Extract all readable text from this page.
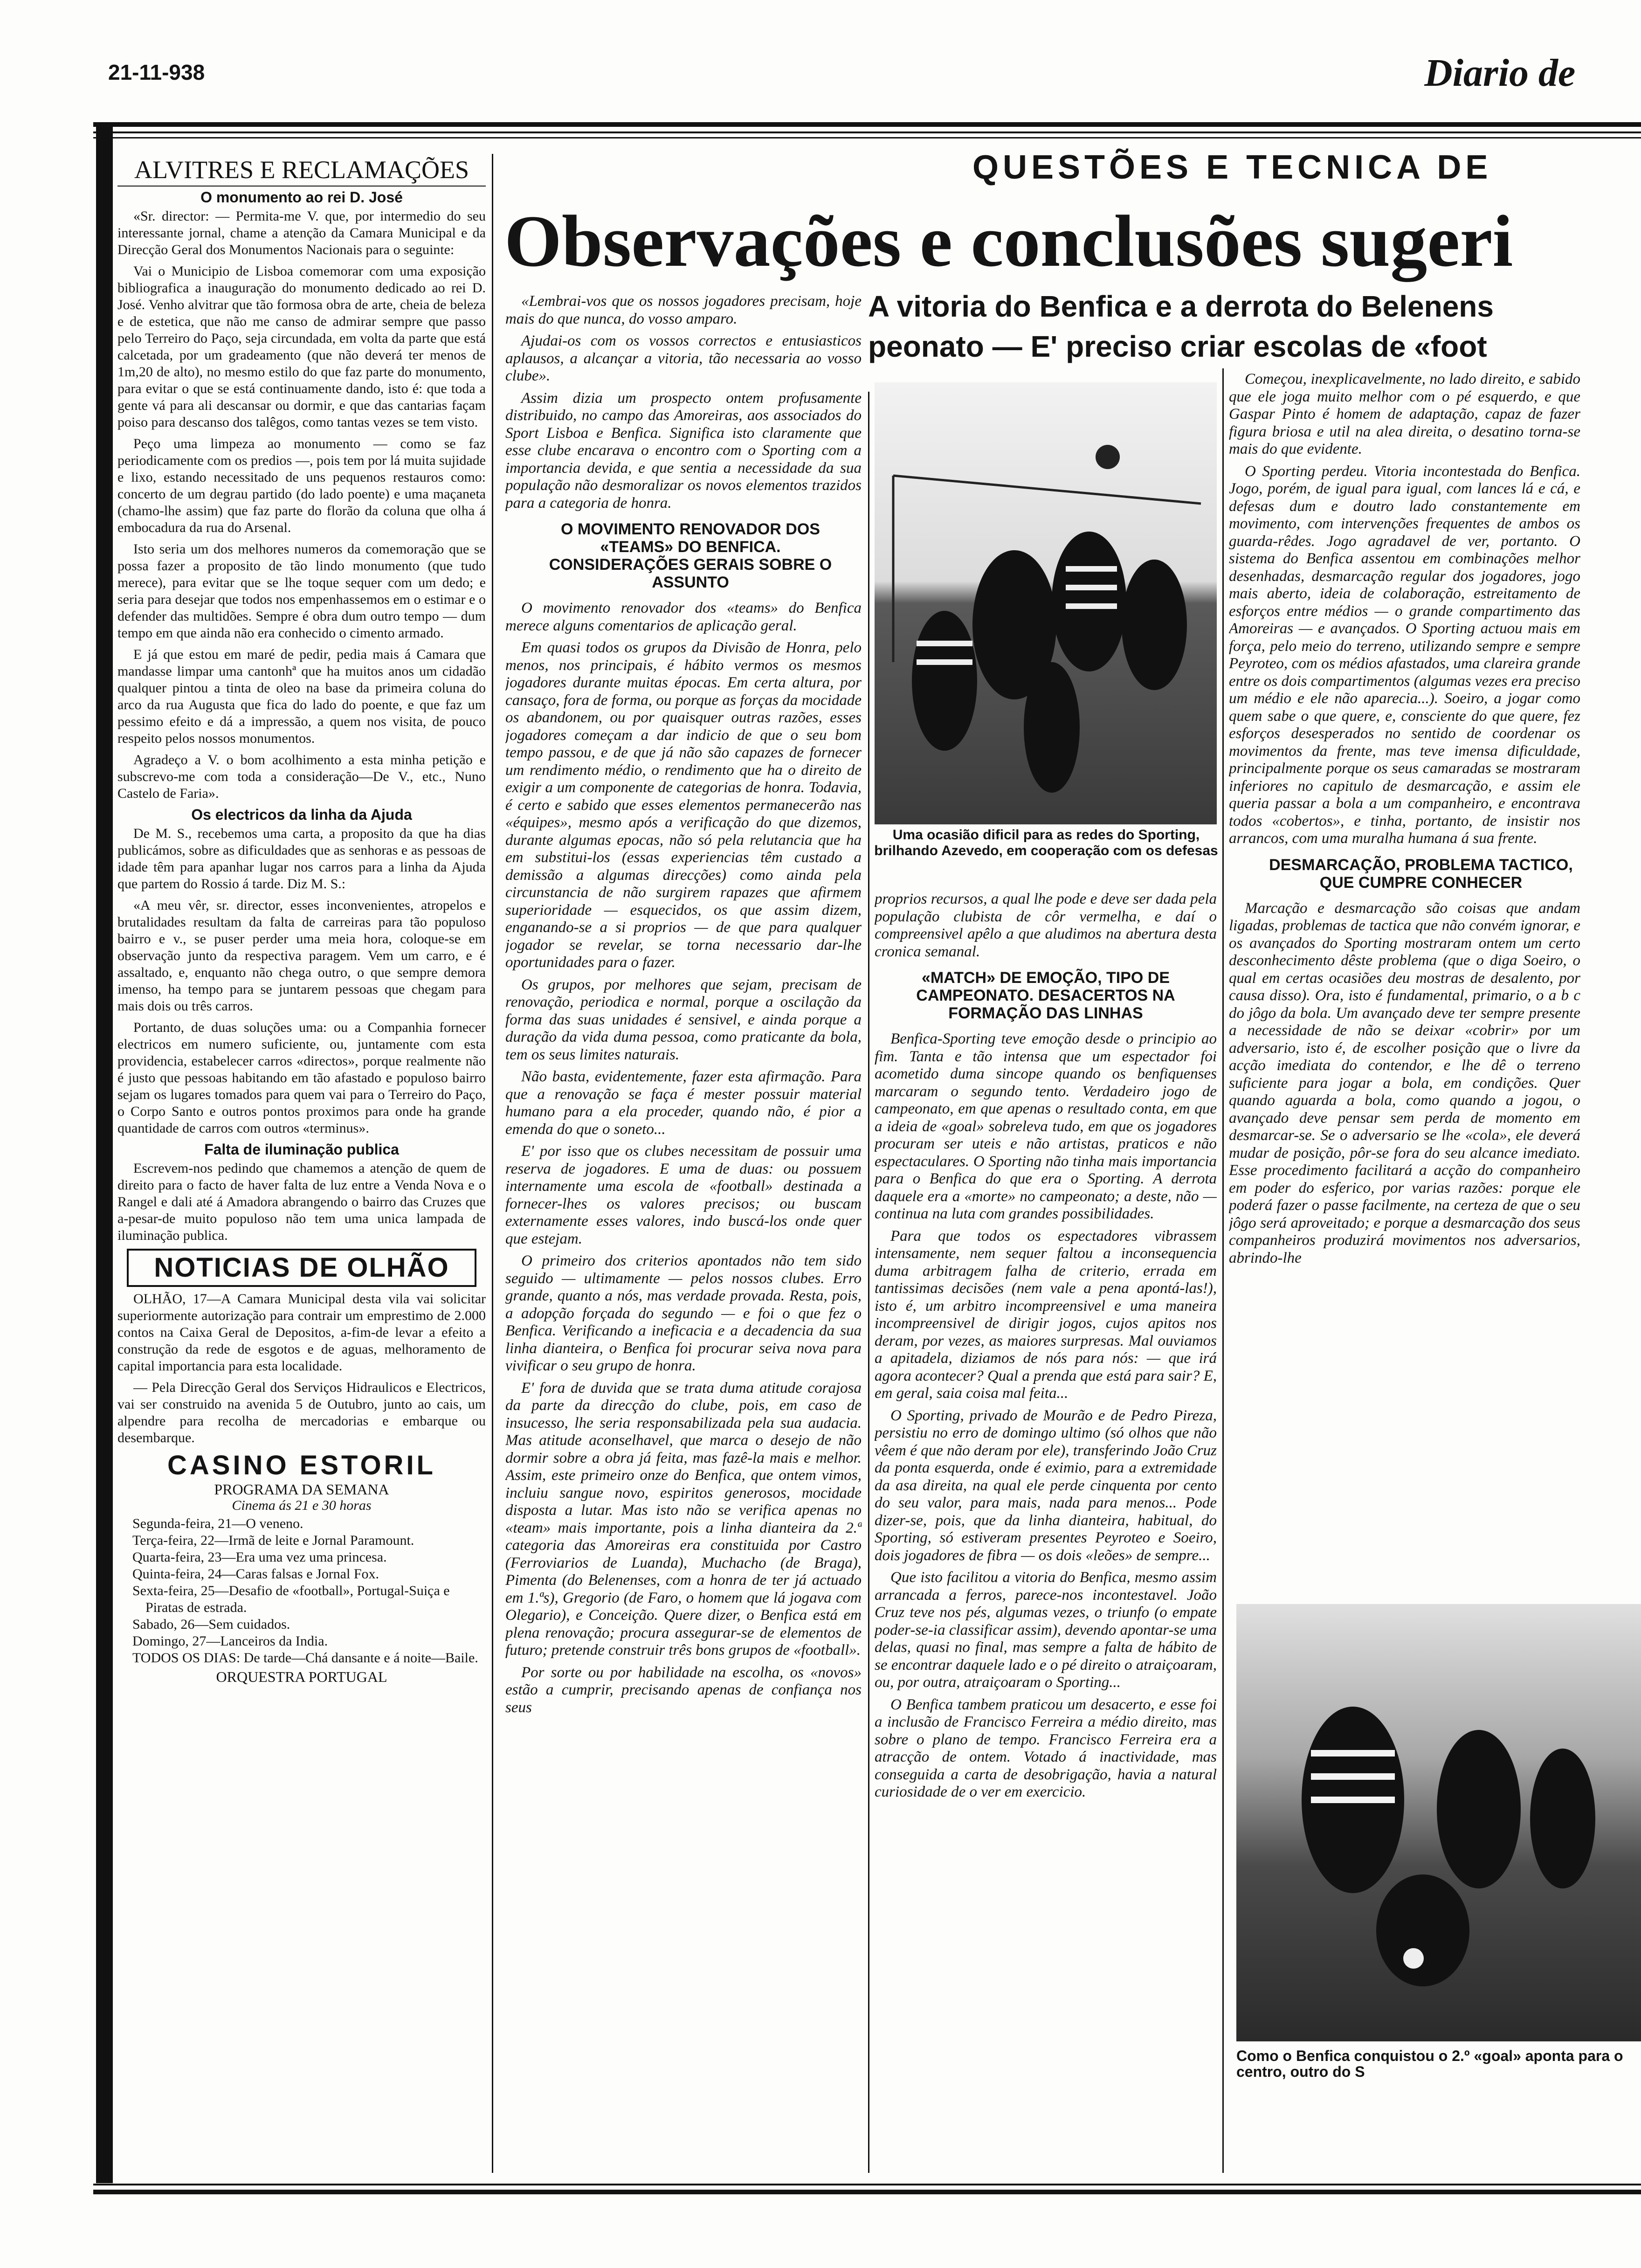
21-11-938	Diario de
ALVITRES E RECLAMAÇÕES
O monumento ao rei D. José

«Sr. director: — Permita-me V. que, por intermedio do seu interessante jornal, chame a atenção da Camara Municipal e da Direcção Geral dos Monumentos Nacionais para o seguinte:

Vai o Municipio de Lisboa comemorar com uma exposição bibliografica a inauguração do monumento dedicado ao rei D. José. Venho alvitrar que tão formosa obra de arte, cheia de beleza e de estetica, que não me canso de admirar sempre que passo pelo Terreiro do Paço, seja circundada, em volta da parte que está calcetada, por um gradeamento (que não deverá ter menos de 1m,20 de alto), no mesmo estilo do que faz parte do monumento, para evitar o que se está continuamente dando, isto é: que toda a gente vá para ali descansar ou dormir, e que das cantarias façam poiso para descanso dos talêgos, como tantas vezes se tem visto.

Peço uma limpeza ao monumento — como se faz periodicamente com os predios —, pois tem por lá muita sujidade e lixo, estando necessitado de uns pequenos restauros como: concerto de um degrau partido (do lado poente) e uma maçaneta (chamo-lhe assim) que faz parte do florão da coluna que olha á embocadura da rua do Arsenal.

Isto seria um dos melhores numeros da comemoração que se possa fazer a proposito de tão lindo monumento (que tudo merece), para evitar que se lhe toque sequer com um dedo; e seria para desejar que todos nos empenhassemos em o estimar e o defender das multidões. Sempre é obra dum outro tempo — dum tempo em que ainda não era conhecido o cimento armado.

E já que estou em maré de pedir, pedia mais á Camara que mandasse limpar uma cantonhª que ha muitos anos um cidadão qualquer pintou a tinta de oleo na base da primeira coluna do arco da rua Augusta que fica do lado do poente, e que faz um pessimo efeito e dá a impressão, a quem nos visita, de pouco respeito pelos nossos monumentos.

Agradeço a V. o bom acolhimento a esta minha petição e subscrevo-me com toda a consideração—De V., etc., Nuno Castelo de Faria».

Os electricos da linha da Ajuda

De M. S., recebemos uma carta, a proposito da que ha dias publicámos, sobre as dificuldades que as senhoras e as pessoas de idade têm para apanhar lugar nos carros para a linha da Ajuda que partem do Rossio á tarde. Diz M. S.:

«A meu vêr, sr. director, esses inconvenientes, atropelos e brutalidades resultam da falta de carreiras para tão populoso bairro e v., se puser perder uma meia hora, coloque-se em observação junto da respectiva paragem. Vem um carro, e é assaltado, e, enquanto não chega outro, o que sempre demora imenso, ha tempo para se juntarem pessoas que chegam para mais dois ou três carros.

Portanto, de duas soluções uma: ou a Companhia fornecer electricos em numero suficiente, ou, juntamente com esta providencia, estabelecer carros «directos», porque realmente não é justo que pessoas habitando em tão afastado e populoso bairro sejam os lugares tomados para quem vai para o Terreiro do Paço, o Corpo Santo e outros pontos proximos para onde ha grande quantidade de carros com outros «terminus».

Falta de iluminação publica

Escrevem-nos pedindo que chamemos a atenção de quem de direito para o facto de haver falta de luz entre a Venda Nova e o Rangel e dali até á Amadora abrangendo o bairro das Cruzes que a-pesar-de muito populoso não tem uma unica lampada de iluminação publica.

NOTICIAS DE OLHÃO

OLHÃO, 17—A Camara Municipal desta vila vai solicitar superiormente autorização para contrair um emprestimo de 2.000 contos na Caixa Geral de Depositos, a-fim-de levar a efeito a construção da rede de esgotos e de aguas, melhoramento de capital importancia para esta localidade.

— Pela Direcção Geral dos Serviços Hidraulicos e Electricos, vai ser construido na avenida 5 de Outubro, junto ao cais, um alpendre para recolha de mercadorias e embarque ou desembarque.

CASINO ESTORIL
PROGRAMA DA SEMANA
Cinema ás 21 e 30 horas
Segunda-feira, 21—O veneno.
Terça-feira, 22—Irmã de leite e Jornal Paramount.
Quarta-feira, 23—Era uma vez uma princesa.
Quinta-feira, 24—Caras falsas e Jornal Fox.
Sexta-feira, 25—Desafio de «football», Portugal-Suiça e Piratas de estrada.
Sabado, 26—Sem cuidados.
Domingo, 27—Lanceiros da India.
TODOS OS DIAS: De tarde—Chá dansante e á noite—Baile.
ORQUESTRA PORTUGAL
QUESTÕES E TECNICA DE
Observações e conclusões sugeri
A vitoria do Benfica e a derrota do Belenens
peonato — E' preciso criar escolas de «foot

«Lembrai-vos que os nossos jogadores precisam, hoje mais do que nunca, do vosso amparo.

Ajudai-os com os vossos correctos e entusiasticos aplausos, a alcançar a vitoria, tão necessaria ao vosso clube».

Assim dizia um prospecto ontem profusamente distribuido, no campo das Amoreiras, aos associados do Sport Lisboa e Benfica. Significa isto claramente que esse clube encarava o encontro com o Sporting com a importancia devida, e que sentia a necessidade da sua população não desmoralizar os novos elementos trazidos para a categoria de honra.

O MOVIMENTO RENOVADOR DOS «TEAMS» DO BENFICA. CONSIDERAÇÕES GERAIS SOBRE O ASSUNTO

O movimento renovador dos «teams» do Benfica merece alguns comentarios de aplicação geral.

Em quasi todos os grupos da Divisão de Honra, pelo menos, nos principais, é hábito vermos os mesmos jogadores durante muitas épocas. Em certa altura, por cansaço, fora de forma, ou porque as forças da mocidade os abandonem, ou por quaisquer outras razões, esses jogadores começam a dar indicio de que o seu bom tempo passou, e de que já não são capazes de fornecer um rendimento médio, o rendimento que ha o direito de exigir a um componente de categorias de honra. Todavia, é certo e sabido que esses elementos permanecerão nas «équipes», mesmo após a verificação do que dizemos, durante algumas epocas, não só pela relutancia que ha em substitui-los (essas experiencias têm custado a demissão a algumas direcções) como ainda pela circunstancia de não surgirem rapazes que afirmem superioridade — esquecidos, os que assim dizem, enganando-se a si proprios — de que para qualquer jogador se revelar, se torna necessario dar-lhe oportunidades para o fazer.

Os grupos, por melhores que sejam, precisam de renovação, periodica e normal, porque a oscilação da forma das suas unidades é sensivel, e ainda porque a duração da vida duma pessoa, como praticante da bola, tem os seus limites naturais.

Não basta, evidentemente, fazer esta afirmação. Para que a renovação se faça é mester possuir material humano para a ela proceder, quando não, é pior a emenda do que o soneto...

E' por isso que os clubes necessitam de possuir uma reserva de jogadores. E uma de duas: ou possuem internamente uma escola de «football» destinada a fornecer-lhes os valores precisos; ou buscam externamente esses valores, indo buscá-los onde quer que estejam.

O primeiro dos criterios apontados não tem sido seguido — ultimamente — pelos nossos clubes. Erro grande, quanto a nós, mas verdade provada. Resta, pois, a adopção forçada do segundo — e foi o que fez o Benfica. Verificando a ineficacia e a decadencia da sua linha dianteira, o Benfica foi procurar seiva nova para vivificar o seu grupo de honra.

E' fora de duvida que se trata duma atitude corajosa da parte da direcção do clube, pois, em caso de insucesso, lhe seria responsabilizada pela sua audacia. Mas atitude aconselhavel, que marca o desejo de não dormir sobre a obra já feita, mas fazê-la mais e melhor. Assim, este primeiro onze do Benfica, que ontem vimos, incluiu sangue novo, espiritos generosos, mocidade disposta a lutar. Mas isto não se verifica apenas no «team» mais importante, pois a linha dianteira da 2.ª categoria das Amoreiras era constituida por Castro (Ferroviarios de Luanda), Muchacho (de Braga), Pimenta (do Belenenses, com a honra de ter já actuado em 1.ªs), Gregorio (de Faro, o homem que lá jogava com Olegario), e Conceição. Quere dizer, o Benfica está em plena renovação; procura assegurar-se de elementos de futuro; pretende construir três bons grupos de «football».

Por sorte ou por habilidade na escolha, os «novos» estão a cumprir, precisando apenas de confiança nos seus

Uma ocasião dificil para as redes do Sporting, brilhando Azevedo, em cooperação com os defesas

proprios recursos, a qual lhe pode e deve ser dada pela população clubista de côr vermelha, e daí o compreensivel apêlo a que aludimos na abertura desta cronica semanal.

«MATCH» DE EMOÇÃO, TIPO DE CAMPEONATO. DESACERTOS NA FORMAÇÃO DAS LINHAS

Benfica-Sporting teve emoção desde o principio ao fim. Tanta e tão intensa que um espectador foi acometido duma sincope quando os benfiquenses marcaram o segundo tento. Verdadeiro jogo de campeonato, em que apenas o resultado conta, em que a ideia de «goal» sobreleva tudo, em que os jogadores procuram ser uteis e não artistas, praticos e não espectaculares. O Sporting não tinha mais importancia para o Benfica do que era o Sporting. A derrota daquele era a «morte» no campeonato; a deste, não — continua na luta com grandes possibilidades.

Para que todos os espectadores vibrassem intensamente, nem sequer faltou a inconsequencia duma arbitragem falha de criterio, errada em tantissimas decisões (nem vale a pena apontá-las!), isto é, um arbitro incompreensivel e uma maneira incompreensivel de dirigir jogos, cujos apitos nos deram, por vezes, as maiores surpresas. Mal ouviamos a apitadela, diziamos de nós para nós: — que irá agora acontecer? Qual a prenda que está para sair? E, em geral, saia coisa mal feita...

O Sporting, privado de Mourão e de Pedro Pireza, persistiu no erro de domingo ultimo (só olhos que não vêem é que não deram por ele), transferindo João Cruz da ponta esquerda, onde é eximio, para a extremidade da asa direita, na qual ele perde cinquenta por cento do seu valor, para mais, nada para menos... Pode dizer-se, pois, que da linha dianteira, habitual, do Sporting, só estiveram presentes Peyroteo e Soeiro, dois jogadores de fibra — os dois «leões» de sempre...

Que isto facilitou a vitoria do Benfica, mesmo assim arrancada a ferros, parece-nos incontestavel. João Cruz teve nos pés, algumas vezes, o triunfo (o empate poder-se-ia classificar assim), devendo apontar-se uma delas, quasi no final, mas sempre a falta de hábito de se encontrar daquele lado e o pé direito o atraiçoaram, ou, por outra, atraiçoaram o Sporting...

O Benfica tambem praticou um desacerto, e esse foi a inclusão de Francisco Ferreira a médio direito, mas sobre o plano de tempo. Francisco Ferreira era a atracção de ontem. Votado á inactividade, mas conseguida a carta de desobrigação, havia a natural curiosidade de o ver em exercicio.

Começou, inexplicavelmente, no lado direito, e sabido que ele joga muito melhor com o pé esquerdo, e que Gaspar Pinto é homem de adaptação, capaz de fazer figura briosa e util na alea direita, o desatino torna-se mais do que evidente.

O Sporting perdeu. Vitoria incontestada do Benfica. Jogo, porém, de igual para igual, com lances lá e cá, e defesas dum e doutro lado constantemente em movimento, com intervenções frequentes de ambos os guarda-rêdes. Jogo agradavel de ver, portanto. O sistema do Benfica assentou em combinações melhor desenhadas, desmarcação regular dos jogadores, jogo mais aberto, ideia de colaboração, estreitamento de esforços entre médios — o grande compartimento das Amoreiras — e avançados. O Sporting actuou mais em força, pelo meio do terreno, utilizando sempre e sempre Peyroteo, com os médios afastados, uma clareira grande entre os dois compartimentos (algumas vezes era preciso um médio e ele não aparecia...). Soeiro, a jogar como quem sabe o que quere, e, consciente do que quere, fez esforços desesperados no sentido de coordenar os movimentos da frente, mas teve imensa dificuldade, principalmente porque os seus camaradas se mostraram inferiores no capitulo de desmarcação, e assim ele queria passar a bola a um companheiro, e encontrava todos «cobertos», e tinha, portanto, de insistir nos arrancos, com uma muralha humana á sua frente.

DESMARCAÇÃO, PROBLEMA TACTICO, QUE CUMPRE CONHECER

Marcação e desmarcação são coisas que andam ligadas, problemas de tactica que não convém ignorar, e os avançados do Sporting mostraram ontem um certo desconhecimento dêste problema (que o diga Soeiro, o qual em certas ocasiões deu mostras de desalento, por causa disso). Ora, isto é fundamental, primario, o a b c do jôgo da bola. Um avançado deve ter sempre presente a necessidade de não se deixar «cobrir» por um adversario, isto é, de escolher posição que o livre da acção imediata do contendor, e lhe dê o terreno suficiente para jogar a bola, em condições. Quer quando aguarda a bola, como quando a jogou, o avançado deve pensar sem perda de momento em desmarcar-se. Se o adversario se lhe «cola», ele deverá mudar de posição, pôr-se fora do seu alcance imediato. Esse procedimento facilitará a acção do companheiro em poder do esferico, por varias razões: porque ele poderá fazer o passe facilmente, na certeza de que o seu jôgo será aproveitado; e porque a desmarcação dos seus companheiros produzirá movimentos nos adversarios, abrindo-lhe

Como o Benfica conquistou o 2.º «goal» aponta para o centro, outro do S
